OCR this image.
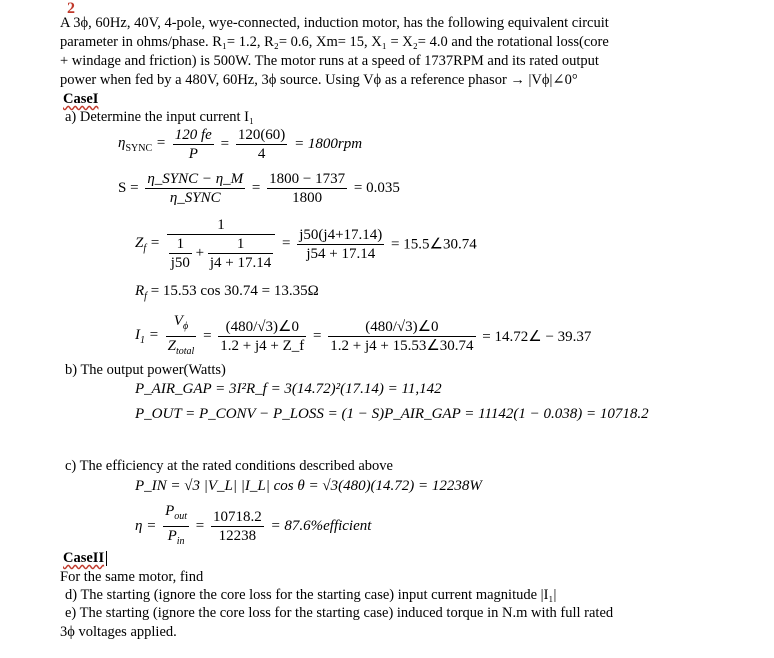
2
A 3ϕ, 60Hz, 40V, 4-pole, wye-connected, induction motor, has the following equivalent circuit
parameter in ohms/phase. R₁= 1.2, R₂= 0.6, Xm= 15, X₁ = X₂= 4.0 and the rotational loss(core
+ windage and friction) is 500W. The motor runs at a speed of 1737RPM and its rated output
power when fed by a 480V, 60Hz, 3ϕ source. Using Vϕ as a reference phasor → |Vϕ|∠0°
CaseI
a) Determine the input current I₁
$\eta_{SYNC} = \frac{120 fe}{P} = \frac{120(60)}{4} = 1800rpm$
$S = \frac{\text{η\_SYNC − η\_M}}{\text{η\_SYNC}} = \frac{1800 - 1737}{1800} = 0.035$
$Z_f = \frac{1}{\frac{1}{j50} + \frac{1}{j4 + 17.14}} = \frac{j50(j4+17.14)}{j54 + 17.14}$ = 15.5∠30.74
$R_f = 15.53$ cos 30.74 = 13.35Ω
$I_1 = \frac{V_\phi}{Z_{total}} = \frac{(480/√3)\angle 0}{1.2 + j4 + Z\_f} = \frac{(480/√3)\angle 0}{1.2 + j4 + 15.53\angle 30.74}$ = 14.72∠ − 39.37
b) The output power(Watts)
P_AIR_GAP = 3I²R_f = 3(14.72)²(17.14) = 11,142
P_OUT = P_CONV − P_LOSS = (1 − S)P_AIR_GAP = 11142(1 − 0.038) = 10718.2
c) The efficiency at the rated conditions described above
P_IN = √3 |V_L| |I_L| cos θ = √3(480)(14.72) = 12238W
$\eta = \frac{P_{out}}{P_{in}} = \frac{10718.2}{12238}$ = 87.6%efficient
CaseII
For the same motor, find
d) The starting (ignore the core loss for the starting case) input current magnitude |I₁|
e) The starting (ignore the core loss for the starting case) induced torque in N.m with full rated
3ϕ voltages applied.
